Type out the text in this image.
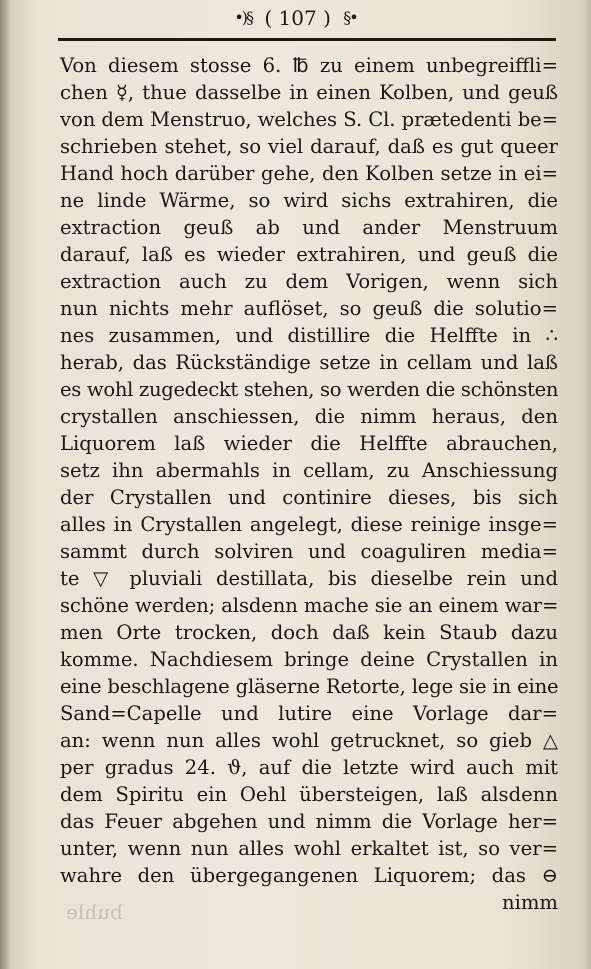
•)§ ( 107 ) §•
Von diesem stosse 6. ℔ zu einem unbegreiffli=
chen ☿, thue dasselbe in einen Kolben, und geuß
von dem Menstruo, welches S. Cl. prætedenti be=
schrieben stehet, so viel darauf, daß es gut queer
Hand hoch darüber gehe, den Kolben setze in ei=
ne linde Wärme, so wird sichs extrahiren, die
extraction geuß ab und ander Menstruum
darauf, laß es wieder extrahiren, und geuß die
extraction auch zu dem Vorigen, wenn sich
nun nichts mehr auflöset, so geuß die solutio=
nes zusammen, und distillire die Helffte in ∴
herab, das Rückständige setze in cellam und laß
es wohl zugedeckt stehen, so werden die schönsten
crystallen anschiessen, die nimm heraus, den
Liquorem laß wieder die Helffte abrauchen,
setz ihn abermahls in cellam, zu Anschiessung
der Crystallen und continire dieses, bis sich
alles in Crystallen angelegt, diese reinige insge=
sammt durch solviren und coaguliren media=
te ▽ pluviali destillata, bis dieselbe rein und
schöne werden; alsdenn mache sie an einem war=
men Orte trocken, doch daß kein Staub dazu
komme. Nachdiesem bringe deine Crystallen in
eine beschlagene gläserne Retorte, lege sie in eine
Sand=Capelle und lutire eine Vorlage dar=
an: wenn nun alles wohl getrucknet, so gieb △
per gradus 24. ϑ, auf die letzte wird auch mit
dem Spiritu ein Oehl übersteigen, laß alsdenn
das Feuer abgehen und nimm die Vorlage her=
unter, wenn nun alles wohl erkaltet ist, so ver=
wahre den übergegangenen Liquorem; das ⊖
nimm
buhle
